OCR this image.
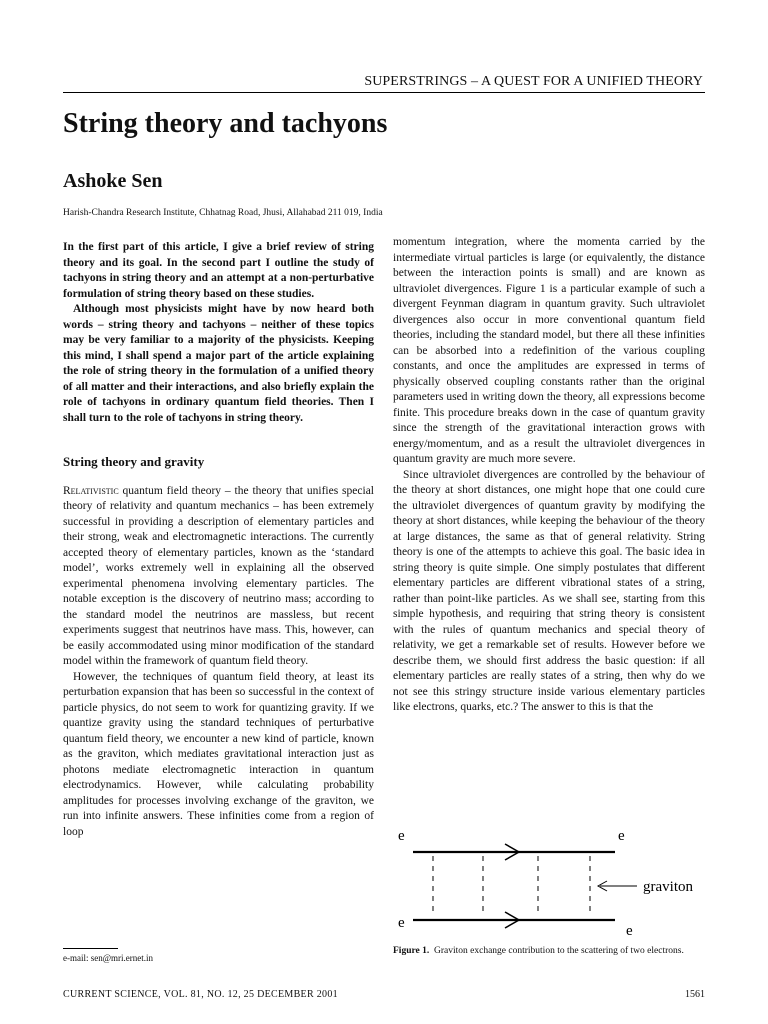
SUPERSTRINGS – A QUEST FOR A UNIFIED THEORY
String theory and tachyons
Ashoke Sen
Harish-Chandra Research Institute, Chhatnag Road, Jhusi, Allahabad 211 019, India

In the first part of this article, I give a brief review of string theory and its goal. In the second part I outline the study of tachyons in string theory and an attempt at a non-perturbative formulation of string theory based on these studies.

Although most physicists might have by now heard both words – string theory and tachyons – neither of these topics may be very familiar to a majority of the physicists. Keeping this mind, I shall spend a major part of the article explaining the role of string theory in the formulation of a unified theory of all matter and their interactions, and also briefly explain the role of tachyons in ordinary quantum field theories. Then I shall turn to the role of tachyons in string theory.

String theory and gravity

Relativistic quantum field theory – the theory that unifies special theory of relativity and quantum mechanics – has been extremely successful in providing a description of elementary particles and their strong, weak and electromagnetic interactions. The currently accepted theory of elementary particles, known as the ‘standard model’, works extremely well in explaining all the observed experimental phenomena involving elementary particles. The notable exception is the discovery of neutrino mass; according to the standard model the neutrinos are massless, but recent experiments suggest that neutrinos have mass. This, however, can be easily accommodated using minor modification of the standard model within the framework of quantum field theory.

However, the techniques of quantum field theory, at least its perturbation expansion that has been so successful in the context of particle physics, do not seem to work for quantizing gravity. If we quantize gravity using the standard techniques of perturbative quantum field theory, we encounter a new kind of particle, known as the graviton, which mediates gravitational interaction just as photons mediate electromagnetic interaction in quantum electrodynamics. However, while calculating probability amplitudes for processes involving exchange of the graviton, we run into infinite answers. These infinities come from a region of loop

momentum integration, where the momenta carried by the intermediate virtual particles is large (or equivalently, the distance between the interaction points is small) and are known as ultraviolet divergences. Figure 1 is a particular example of such a divergent Feynman diagram in quantum gravity. Such ultraviolet divergences also occur in more conventional quantum field theories, including the standard model, but there all these infinities can be absorbed into a redefinition of the various coupling constants, and once the amplitudes are expressed in terms of physically observed coupling constants rather than the original parameters used in writing down the theory, all expressions become finite. This procedure breaks down in the case of quantum gravity since the strength of the gravitational interaction grows with energy/momentum, and as a result the ultraviolet divergences in quantum gravity are much more severe.

Since ultraviolet divergences are controlled by the behaviour of the theory at short distances, one might hope that one could cure the ultraviolet divergences of quantum gravity by modifying the theory at short distances, while keeping the behaviour of the theory at large distances, the same as that of general relativity. String theory is one of the attempts to achieve this goal. The basic idea in string theory is quite simple. One simply postulates that different elementary particles are different vibrational states of a string, rather than point-like particles. As we shall see, starting from this simple hypothesis, and requiring that string theory is consistent with the rules of quantum mechanics and special theory of relativity, we get a remarkable set of results. However before we describe them, we should first address the basic question: if all elementary particles are really states of a string, then why do we not see this stringy structure inside various elementary particles like electrons, quarks, etc.? The answer to this is that the

e	e
e	e
graviton
Figure 1. Graviton exchange contribution to the scattering of two electrons.
e-mail: sen@mri.ernet.in
CURRENT SCIENCE, VOL. 81, NO. 12, 25 DECEMBER 2001	1561
